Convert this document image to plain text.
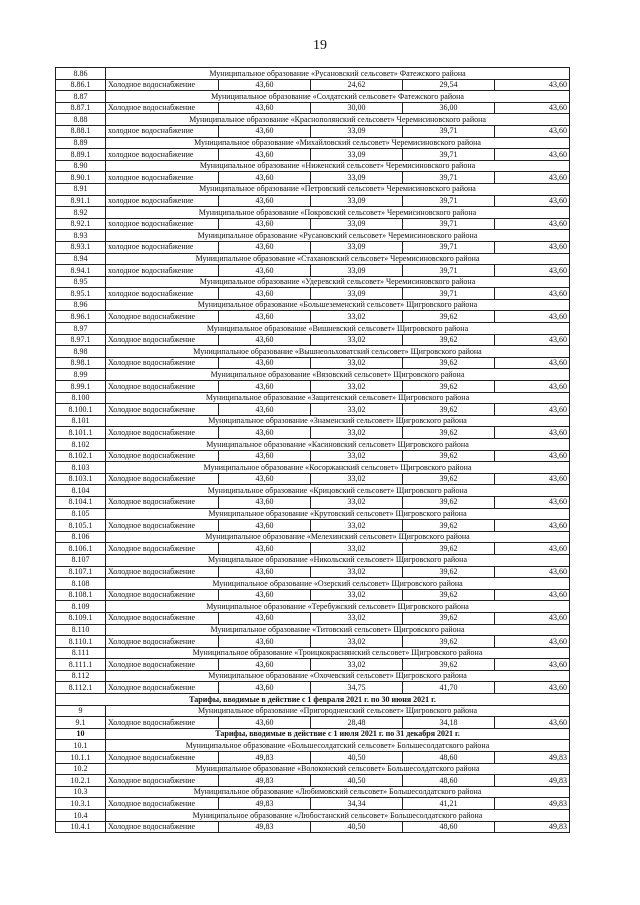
19
8.86	Муниципальное образование «Русановский сельсовет» Фатежского района				
8.86.1	Холодное водоснабжение	43,60	24,62	29,54	43,60
8.87	Муниципальное образование «Солдатский сельсовет» Фатежского района				
8.87.1	Холодное водоснабжение	43,60	30,00	36,00	43,60
8.88	Муниципальное образование «Краснополянский сельсовет» Черемисиновского района				
8.88.1	холодное водоснабжение	43,60	33,09	39,71	43,60
8.89	Муниципальное образование «Михайловский сельсовет» Черемисиновского района				
8.89.1	холодное водоснабжение	43,60	33,09	39,71	43,60
8.90	Муниципальное образование «Ниженский сельсовет» Черемисиновского района				
8.90.1	холодное водоснабжение	43,60	33,09	39,71	43,60
8.91	Муниципальное образование «Петровский сельсовет» Черемисиновского района				
8.91.1	холодное водоснабжение	43,60	33,09	39,71	43,60
8.92	Муниципальное образование «Покровский сельсовет» Черемисиновского района				
8.92.1	холодное водоснабжение	43,60	33,09	39,71	43,60
8.93	Муниципальное образование «Русановский сельсовет» Черемисиновского района				
8.93.1	холодное водоснабжение	43,60	33,09	39,71	43,60
8.94	Муниципальное образование «Стахановский сельсовет» Черемисиновского района				
8.94.1	холодное водоснабжение	43,60	33,09	39,71	43,60
8.95	Муниципальное образование «Удеревский сельсовет» Черемисиновского района				
8.95.1	холодное водоснабжение	43,60	33,09	39,71	43,60
8.96	Муниципальное образование «Большеземенский сельсовет» Щигровского района				
8.96.1	Холодное водоснабжение	43,60	33,02	39,62	43,60
8.97	Муниципальное образование «Вишневский сельсовет» Щигровского района				
8.97.1	Холодное водоснабжение	43,60	33,02	39,62	43,60
8.98	Муниципальное образование «Вышнеольховатский сельсовет» Щигровского района				
8.98.1	Холодное водоснабжение	43,60	33,02	39,62	43,60
8.99	Муниципальное образование «Вязовский сельсовет» Щигровского района				
8.99.1	Холодное водоснабжение	43,60	33,02	39,62	43,60
8.100	Муниципальное образование «Защитенский сельсовет» Щигровского района				
8.100.1	Холодное водоснабжение	43,60	33,02	39,62	43,60
8.101	Муниципальное образование «Знаменский сельсовет» Щигровского района				
8.101.1	Холодное водоснабжение	43,60	33,02	39,62	43,60
8.102	Муниципальное образование «Касиновский сельсовет» Щигровского района				
8.102.1	Холодное водоснабжение	43,60	33,02	39,62	43,60
8.103	Муниципальное образование «Косоржанский сельсовет» Щигровского района				
8.103.1	Холодное водоснабжение	43,60	33,02	39,62	43,60
8.104	Муниципальное образование «Крицовский сельсовет» Щигровского района				
8.104.1	Холодное водоснабжение	43,60	33,02	39,62	43,60
8.105	Муниципальное образование «Крутовский сельсовет» Щигровского района				
8.105.1	Холодное водоснабжение	43,60	33,02	39,62	43,60
8.106	Муниципальное образование «Мелехинский сельсовет» Щигровского района				
8.106.1	Холодное водоснабжение	43,60	33,02	39,62	43,60
8.107	Муниципальное образование «Никольский сельсовет» Щигровского района				
8.107.1	Холодное водоснабжение	43,60	33,02	39,62	43,60
8.108	Муниципальное образование «Озерский сельсовет» Щигровского района				
8.108.1	Холодное водоснабжение	43,60	33,02	39,62	43,60
8.109	Муниципальное образование «Теребужский сельсовет» Щигровского района				
8.109.1	Холодное водоснабжение	43,60	33,02	39,62	43,60
8.110	Муниципальное образование «Титовский сельсовет» Щигровского района				
8.110.1	Холодное водоснабжение	43,60	33,02	39,62	43,60
8.111	Муниципальное образование «Троицкокраснянский сельсовет» Щигровского района				
8.111.1	Холодное водоснабжение	43,60	33,02	39,62	43,60
8.112	Муниципальное образование «Охочевский сельсовет» Щигровского района				
8.112.1	Холодное водоснабжение	43,60	34,75	41,70	43,60
Тарифы, вводимые в действие с 1 февраля 2021 г. по 30 июня 2021 г.					
9	Муниципальное образование «Пригородненский сельсовет» Щигровского района				
9.1	Холодное водоснабжение	43,60	28,48	34,18	43,60
10	Тарифы, вводимые в действие с 1 июля 2021 г. по 31 декабря 2021 г.				
10.1	Муниципальное образование «Большесолдатский сельсовет» Большесолдатского района				
10.1.1	Холодное водоснабжение	49,83	40,50	48,60	49,83
10.2	Муниципальное образование «Волоконский сельсовет» Большесолдатского района				
10.2.1	Холодное водоснабжение	49,83	40,50	48,60	49,83
10.3	Муниципальное образование «Любимовский сельсовет» Большесолдатского района				
10.3.1	Холодное водоснабжение	49,83	34,34	41,21	49,83
10.4	Муниципальное образование «Любостанский сельсовет» Большесолдатского района				
10.4.1	Холодное водоснабжение	49,83	40,50	48,60	49,83
